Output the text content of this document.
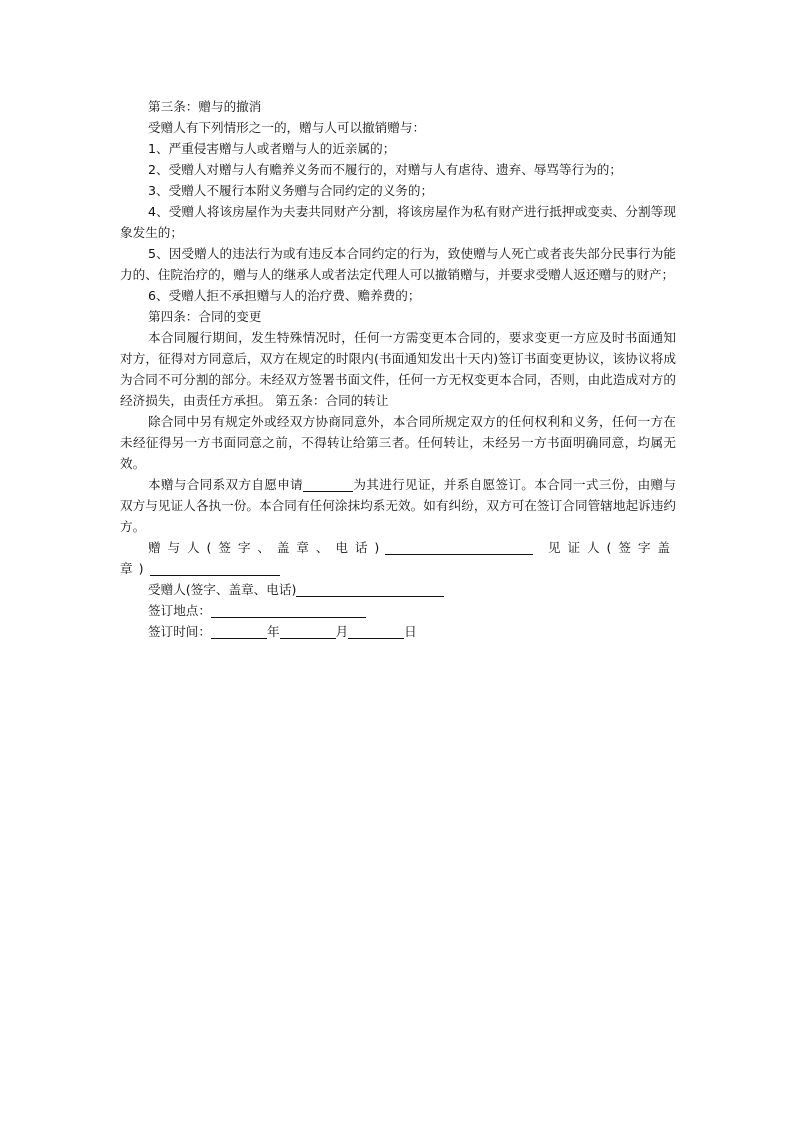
第三条：赠与的撤消

受赠人有下列情形之一的，赠与人可以撤销赠与：

1、严重侵害赠与人或者赠与人的近亲属的；

2、受赠人对赠与人有赡养义务而不履行的，对赠与人有虐待、遗弃、辱骂等行为的；

3、受赠人不履行本附义务赠与合同约定的义务的；

4、受赠人将该房屋作为夫妻共同财产分割，将该房屋作为私有财产进行抵押或变卖、分割等现象发生的；

5、因受赠人的违法行为或有违反本合同约定的行为，致使赠与人死亡或者丧失部分民事行为能力的、住院治疗的，赠与人的继承人或者法定代理人可以撤销赠与，并要求受赠人返还赠与的财产；

6、受赠人拒不承担赠与人的治疗费、赡养费的；

第四条：合同的变更

本合同履行期间，发生特殊情况时，任何一方需变更本合同的，要求变更一方应及时书面通知对方，征得对方同意后，双方在规定的时限内(书面通知发出十天内)签订书面变更协议，该协议将成为合同不可分割的部分。未经双方签署书面文件，任何一方无权变更本合同，否则，由此造成对方的经济损失，由责任方承担。 第五条：合同的转让

除合同中另有规定外或经双方协商同意外，本合同所规定双方的任何权利和义务，任何一方在未经征得另一方书面同意之前，不得转让给第三者。任何转让，未经另一方书面明确同意，均属无效。

本赠与合同系双方自愿申请	为其进行见证，并系自愿签订。本合同一式三份，由赠与双方与见证人各执一份。本合同有任何涂抹均系无效。如有纠纷，双方可在签订合同管辖地起诉违约方。

赠与人(签字、盖章、电话)	见证人(签字盖章)

受赠人(签字、盖章、电话)

签订地点：

签订时间：	年	月	日
